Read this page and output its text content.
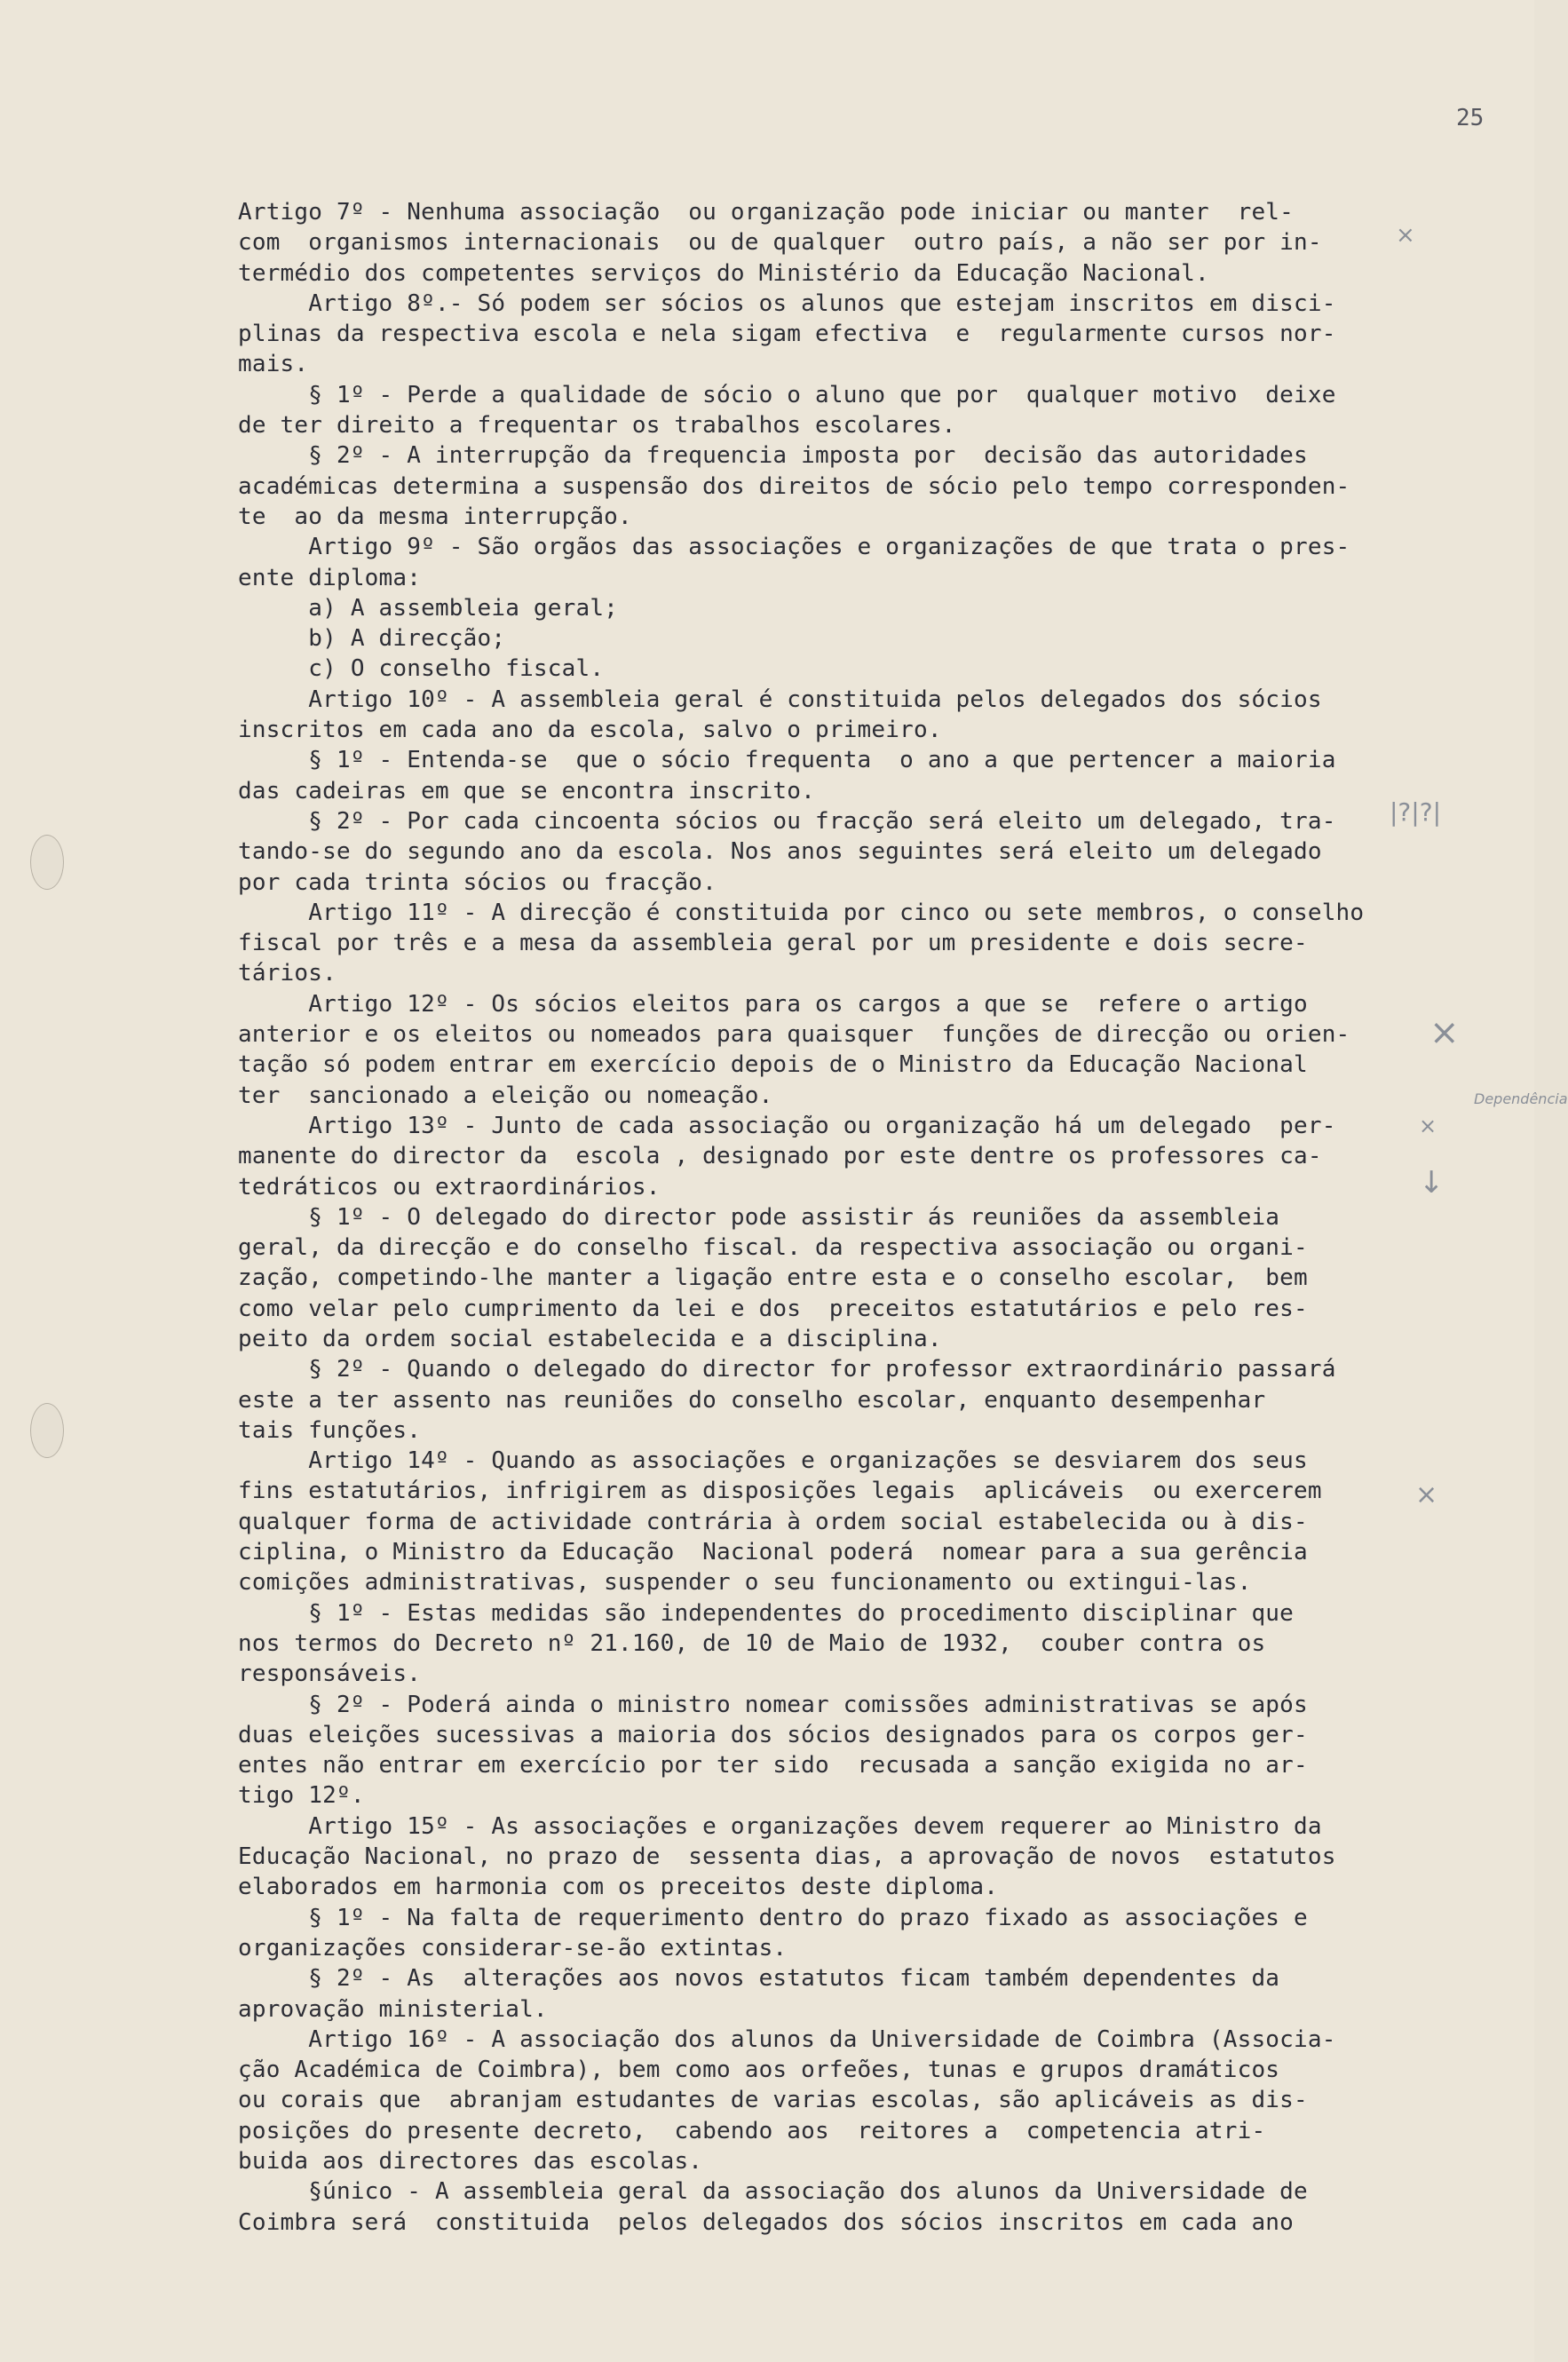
25
Artigo 7º - Nenhuma associação  ou organização pode iniciar ou manter  rel-
com  organismos internacionais  ou de qualquer  outro país, a não ser por in-
termédio dos competentes serviços do Ministério da Educação Nacional.
Artigo 8º.- Só podem ser sócios os alunos que estejam inscritos em disci-
plinas da respectiva escola e nela sigam efectiva  e  regularmente cursos nor-
mais.
§ 1º - Perde a qualidade de sócio o aluno que por  qualquer motivo  deixe
de ter direito a frequentar os trabalhos escolares.
§ 2º - A interrupção da frequencia imposta por  decisão das autoridades
académicas determina a suspensão dos direitos de sócio pelo tempo corresponden-
te  ao da mesma interrupção.
Artigo 9º - São orgãos das associações e organizações de que trata o pres-
ente diploma:
a) A assembleia geral;
b) A direcção;
c) O conselho fiscal.
Artigo 10º - A assembleia geral é constituida pelos delegados dos sócios
inscritos em cada ano da escola, salvo o primeiro.
§ 1º - Entenda-se  que o sócio frequenta  o ano a que pertencer a maioria
das cadeiras em que se encontra inscrito.
§ 2º - Por cada cincoenta sócios ou fracção será eleito um delegado, tra-
tando-se do segundo ano da escola. Nos anos seguintes será eleito um delegado
por cada trinta sócios ou fracção.
Artigo 11º - A direcção é constituida por cinco ou sete membros, o conselho
fiscal por três e a mesa da assembleia geral por um presidente e dois secre-
tários.
Artigo 12º - Os sócios eleitos para os cargos a que se  refere o artigo
anterior e os eleitos ou nomeados para quaisquer  funções de direcção ou orien-
tação só podem entrar em exercício depois de o Ministro da Educação Nacional
ter  sancionado a eleição ou nomeação.
Artigo 13º - Junto de cada associação ou organização há um delegado  per-
manente do director da  escola , designado por este dentre os professores ca-
tedráticos ou extraordinários.
§ 1º - O delegado do director pode assistir ás reuniões da assembleia
geral, da direcção e do conselho fiscal. da respectiva associação ou organi-
zação, competindo-lhe manter a ligação entre esta e o conselho escolar,  bem
como velar pelo cumprimento da lei e dos  preceitos estatutários e pelo res-
peito da ordem social estabelecida e a disciplina.
§ 2º - Quando o delegado do director for professor extraordinário passará
este a ter assento nas reuniões do conselho escolar, enquanto desempenhar
tais funções.
Artigo 14º - Quando as associações e organizações se desviarem dos seus
fins estatutários, infrigirem as disposições legais  aplicáveis  ou exercerem
qualquer forma de actividade contrária à ordem social estabelecida ou à dis-
ciplina, o Ministro da Educação  Nacional poderá  nomear para a sua gerência
comições administrativas, suspender o seu funcionamento ou extingui-las.
§ 1º - Estas medidas são independentes do procedimento disciplinar que
nos termos do Decreto nº 21.160, de 10 de Maio de 1932,  couber contra os
responsáveis.
§ 2º - Poderá ainda o ministro nomear comissões administrativas se após
duas eleições sucessivas a maioria dos sócios designados para os corpos ger-
entes não entrar em exercício por ter sido  recusada a sanção exigida no ar-
tigo 12º.
Artigo 15º - As associações e organizações devem requerer ao Ministro da
Educação Nacional, no prazo de  sessenta dias, a aprovação de novos  estatutos
elaborados em harmonia com os preceitos deste diploma.
§ 1º - Na falta de requerimento dentro do prazo fixado as associações e
organizações considerar-se-ão extintas.
§ 2º - As  alterações aos novos estatutos ficam também dependentes da
aprovação ministerial.
Artigo 16º - A associação dos alunos da Universidade de Coimbra (Associa-
ção Académica de Coimbra), bem como aos orfeões, tunas e grupos dramáticos
ou corais que  abranjam estudantes de varias escolas, são aplicáveis as dis-
posições do presente decreto,  cabendo aos  reitores a  competencia atri-
buida aos directores das escolas.
§único - A assembleia geral da associação dos alunos da Universidade de
Coimbra será  constituida  pelos delegados dos sócios inscritos em cada ano
×
|?|?|
×
Dependência
×
↓
×
